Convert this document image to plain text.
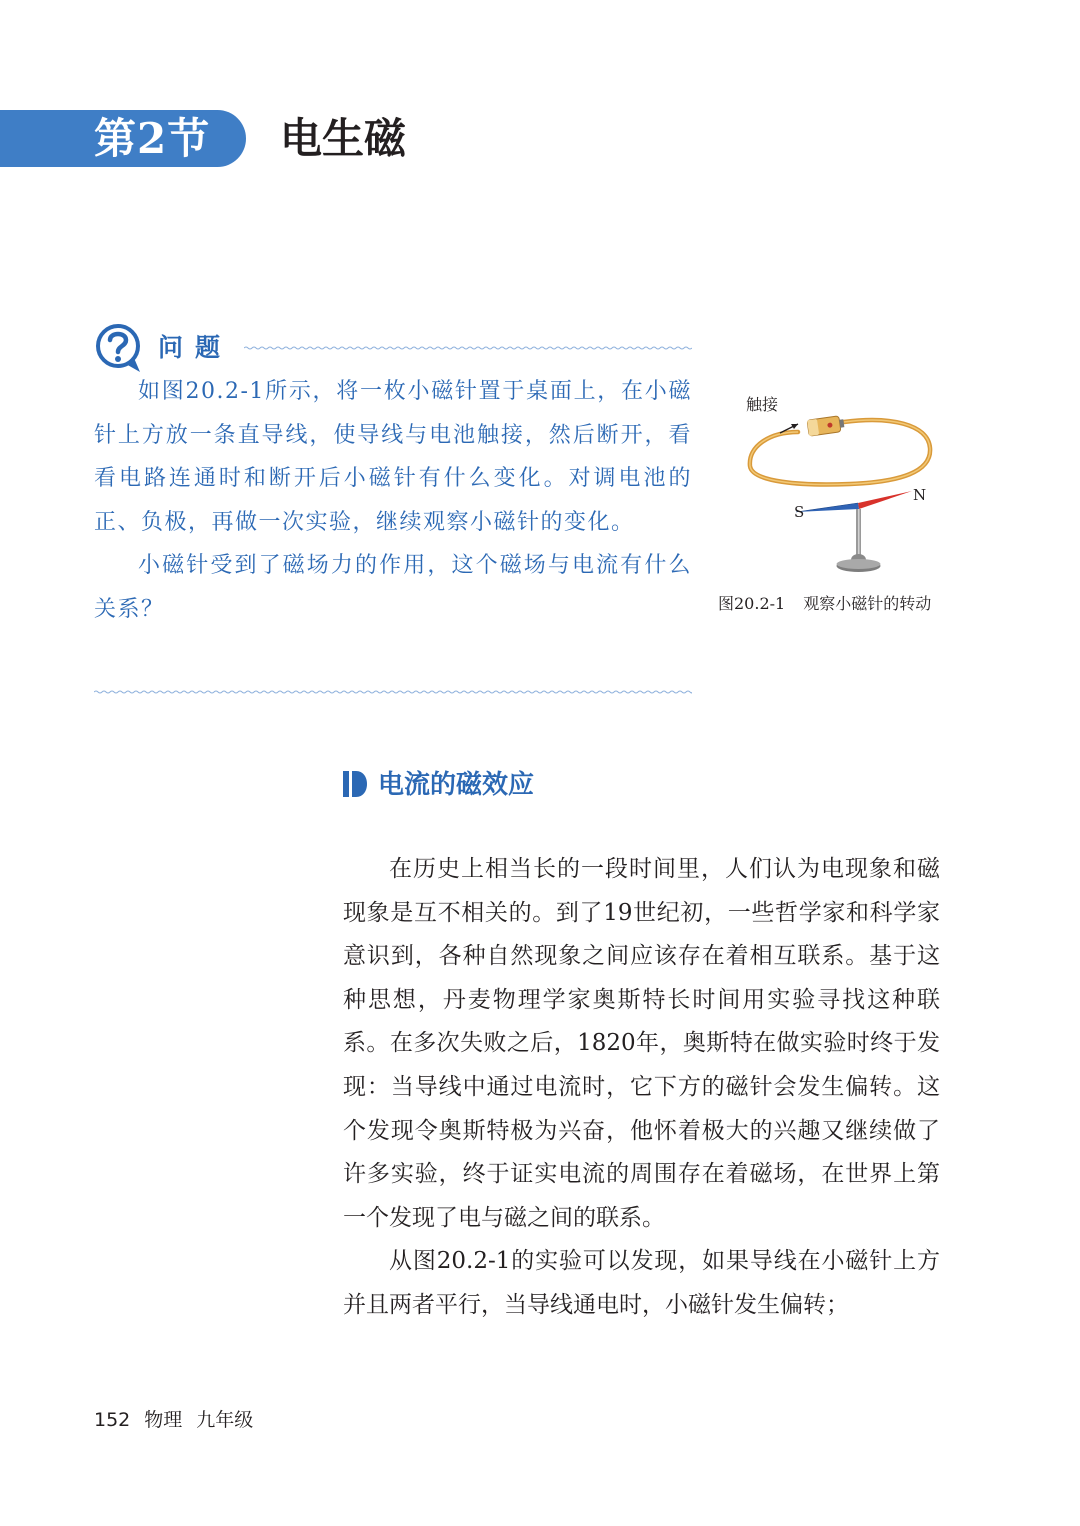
第2节 电生磁
问题

如图20.2-1所示，将一枚小磁针置于桌面上，在小磁针上方放一条直导线，使导线与电池触接，然后断开，看看电路连通时和断开后小磁针有什么变化。对调电池的正、负极，再做一次实验，继续观察小磁针的变化。

小磁针受到了磁场力的作用，这个磁场与电流有什么关系？

触接
S
N
图20.2-1 观察小磁针的转动
电流的磁效应

在历史上相当长的一段时间里，人们认为电现象和磁现象是互不相关的。到了19世纪初，一些哲学家和科学家意识到，各种自然现象之间应该存在着相互联系。基于这种思想，丹麦物理学家奥斯特长时间用实验寻找这种联系。在多次失败之后，1820年，奥斯特在做实验时终于发现：当导线中通过电流时，它下方的磁针会发生偏转。这个发现令奥斯特极为兴奋，他怀着极大的兴趣又继续做了许多实验，终于证实电流的周围存在着磁场，在世界上第一个发现了电与磁之间的联系。

从图20.2-1的实验可以发现，如果导线在小磁针上方并且两者平行，当导线通电时，小磁针发生偏转；

152 物理 九年级
